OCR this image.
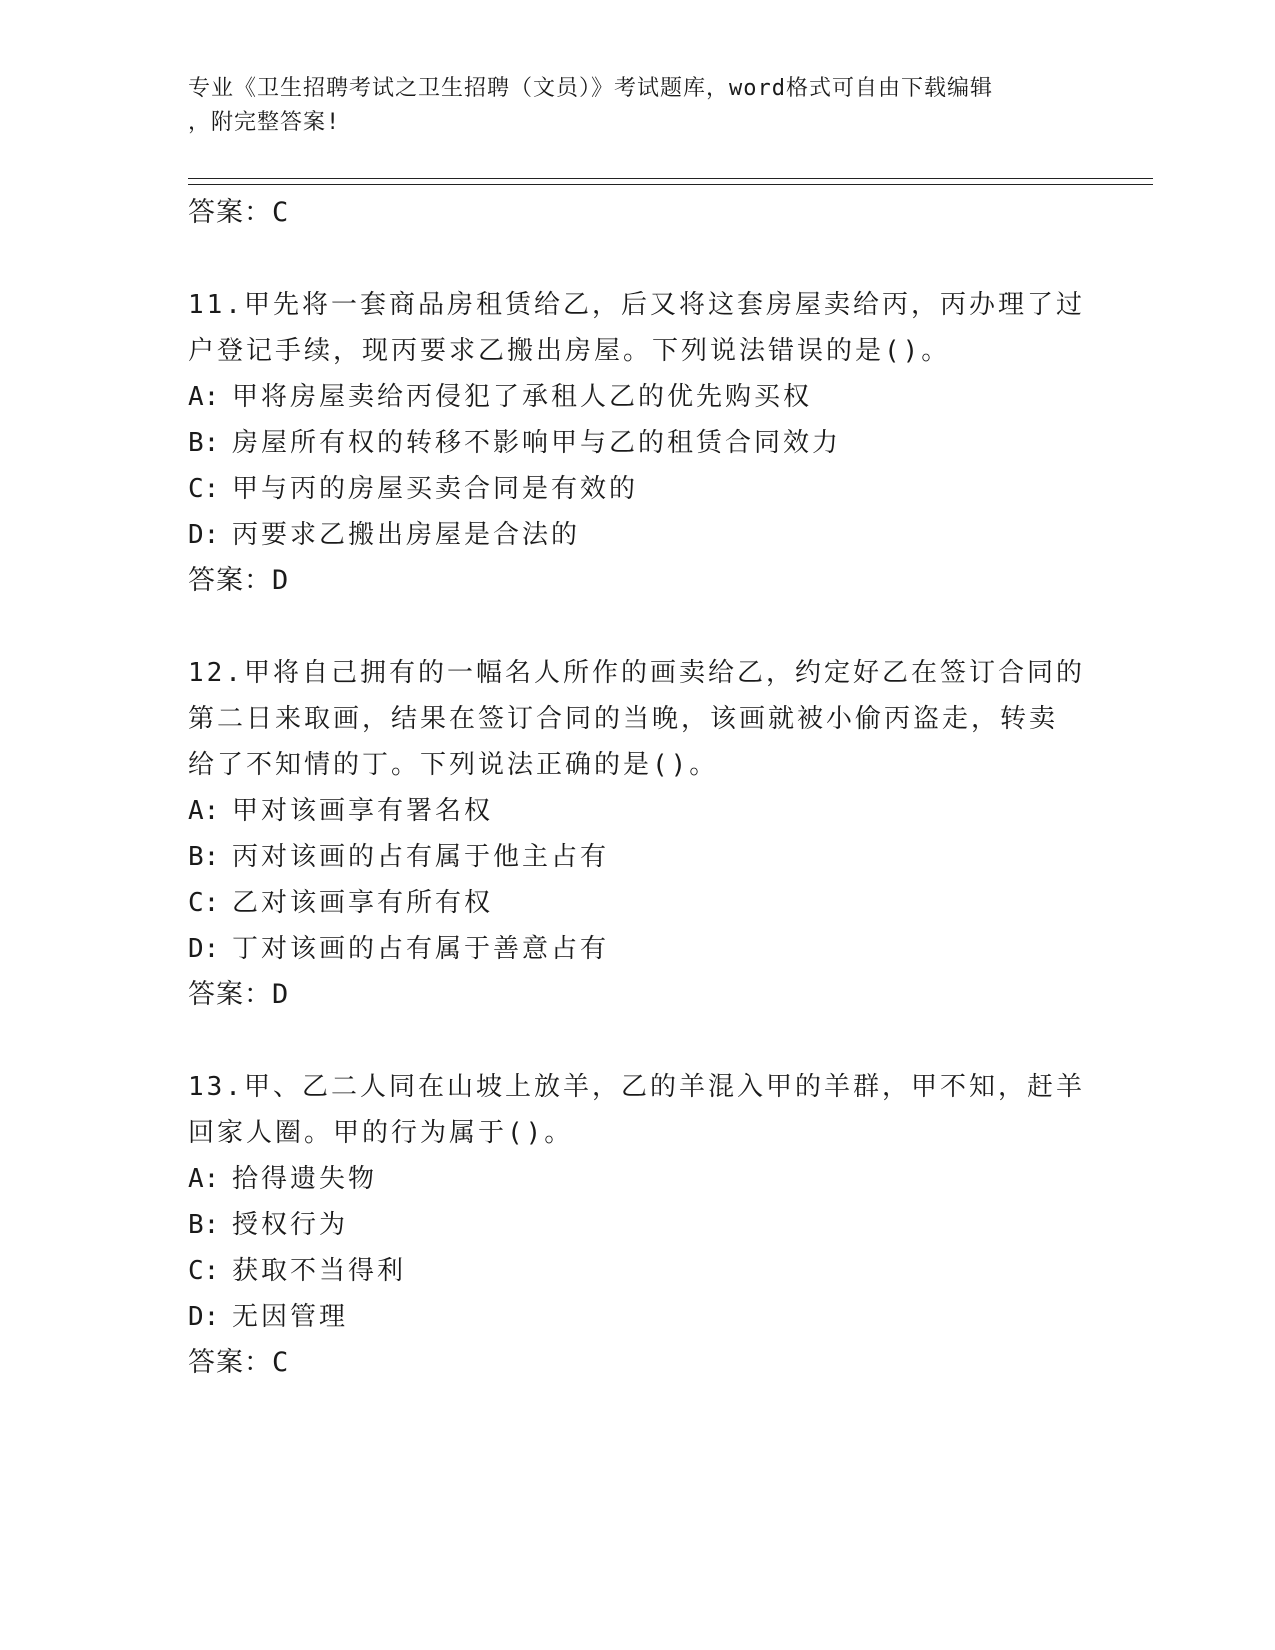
专业《卫生招聘考试之卫生招聘（文员）》考试题库，word格式可自由下载编辑
，附完整答案!
答案：C
11.甲先将一套商品房租赁给乙，后又将这套房屋卖给丙，丙办理了过
户登记手续，现丙要求乙搬出房屋。下列说法错误的是()。
A: 甲将房屋卖给丙侵犯了承租人乙的优先购买权
B: 房屋所有权的转移不影响甲与乙的租赁合同效力
C: 甲与丙的房屋买卖合同是有效的
D: 丙要求乙搬出房屋是合法的
答案：D
12.甲将自己拥有的一幅名人所作的画卖给乙，约定好乙在签订合同的
第二日来取画，结果在签订合同的当晚，该画就被小偷丙盗走，转卖
给了不知情的丁。下列说法正确的是()。
A: 甲对该画享有署名权
B: 丙对该画的占有属于他主占有
C: 乙对该画享有所有权
D: 丁对该画的占有属于善意占有
答案：D
13.甲、乙二人同在山坡上放羊，乙的羊混入甲的羊群，甲不知，赶羊
回家人圈。甲的行为属于()。
A: 拾得遗失物
B: 授权行为
C: 获取不当得利
D: 无因管理
答案：C
